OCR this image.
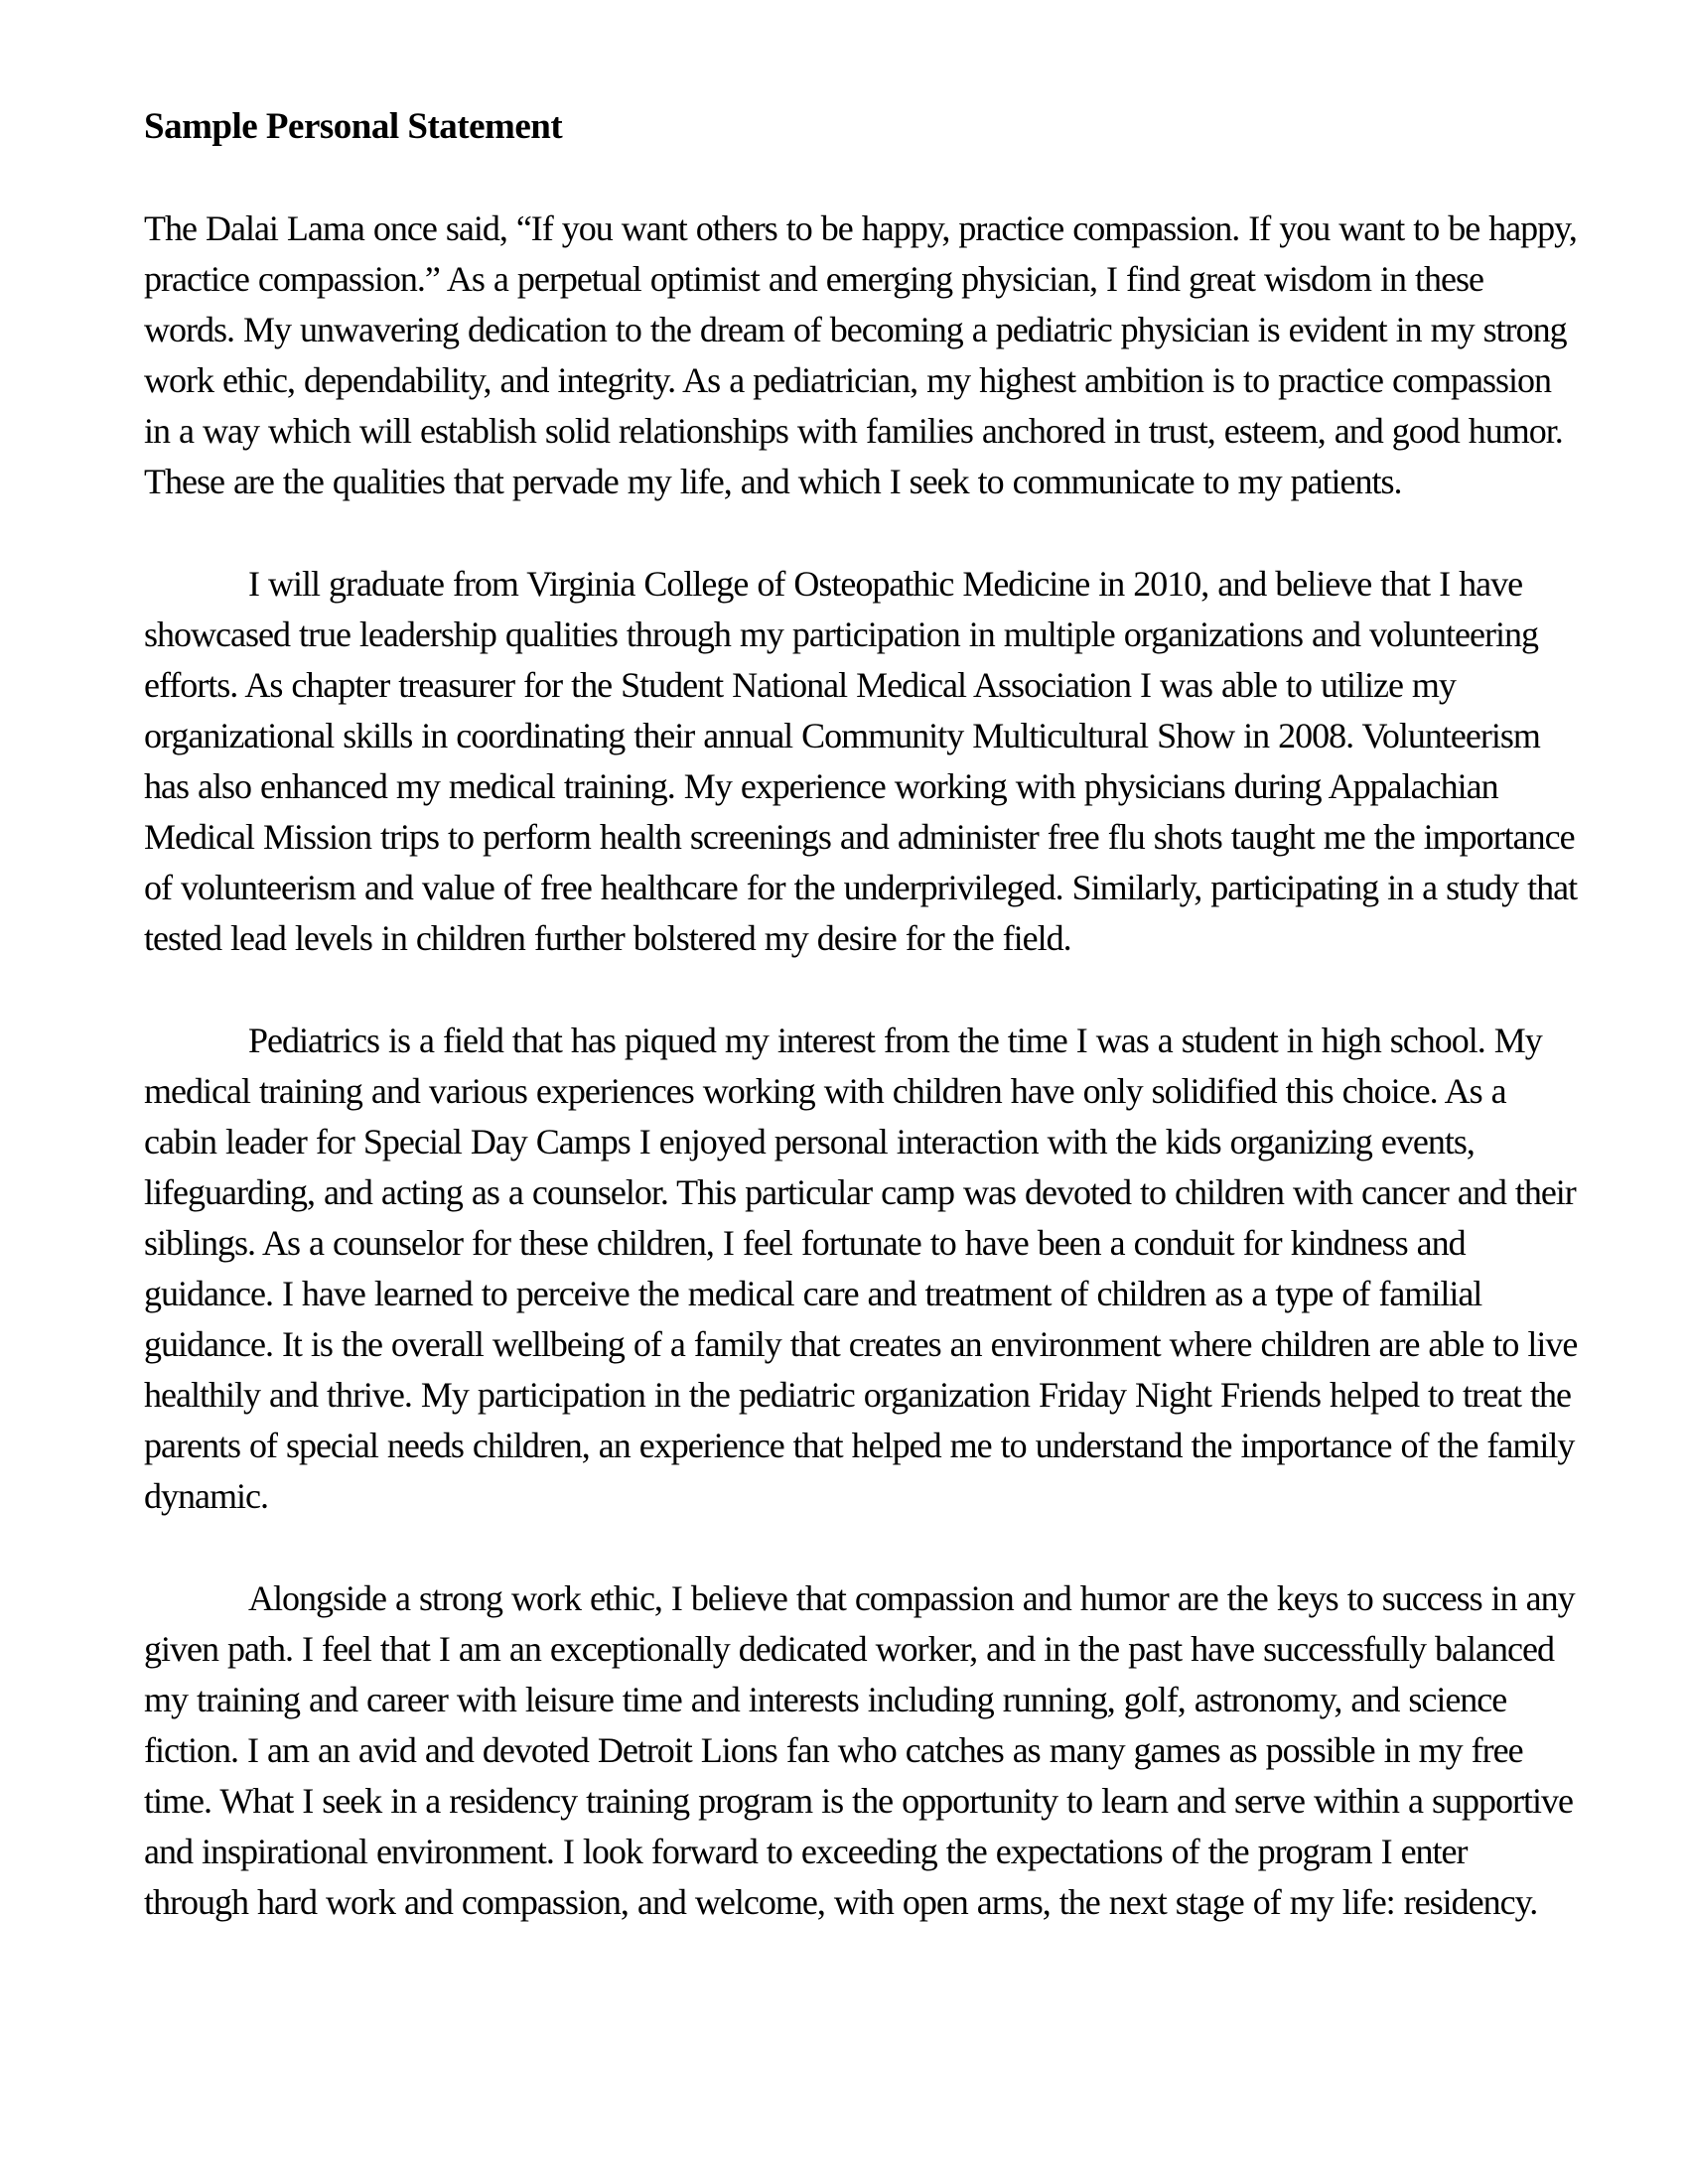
Sample Personal Statement

The Dalai Lama once said, “If you want others to be happy, practice compassion. If you want to be happy, practice compassion.” As a perpetual optimist and emerging physician, I find great wisdom in these words. My unwavering dedication to the dream of becoming a pediatric physician is evident in my strong work ethic, dependability, and integrity. As a pediatrician, my highest ambition is to practice compassion in a way which will establish solid relationships with families anchored in trust, esteem, and good humor. These are the qualities that pervade my life, and which I seek to communicate to my patients.

I will graduate from Virginia College of Osteopathic Medicine in 2010, and believe that I have showcased true leadership qualities through my participation in multiple organizations and volunteering efforts. As chapter treasurer for the Student National Medical Association I was able to utilize my organizational skills in coordinating their annual Community Multicultural Show in 2008. Volunteerism has also enhanced my medical training. My experience working with physicians during Appalachian Medical Mission trips to perform health screenings and administer free flu shots taught me the importance of volunteerism and value of free healthcare for the underprivileged. Similarly, participating in a study that tested lead levels in children further bolstered my desire for the field.

Pediatrics is a field that has piqued my interest from the time I was a student in high school. My medical training and various experiences working with children have only solidified this choice. As a cabin leader for Special Day Camps I enjoyed personal interaction with the kids organizing events, lifeguarding, and acting as a counselor. This particular camp was devoted to children with cancer and their siblings. As a counselor for these children, I feel fortunate to have been a conduit for kindness and guidance. I have learned to perceive the medical care and treatment of children as a type of familial guidance. It is the overall wellbeing of a family that creates an environment where children are able to live healthily and thrive. My participation in the pediatric organization Friday Night Friends helped to treat the parents of special needs children, an experience that helped me to understand the importance of the family dynamic.

Alongside a strong work ethic, I believe that compassion and humor are the keys to success in any given path. I feel that I am an exceptionally dedicated worker, and in the past have successfully balanced my training and career with leisure time and interests including running, golf, astronomy, and science fiction. I am an avid and devoted Detroit Lions fan who catches as many games as possible in my free time. What I seek in a residency training program is the opportunity to learn and serve within a supportive and inspirational environment. I look forward to exceeding the expectations of the program I enter through hard work and compassion, and welcome, with open arms, the next stage of my life: residency.
